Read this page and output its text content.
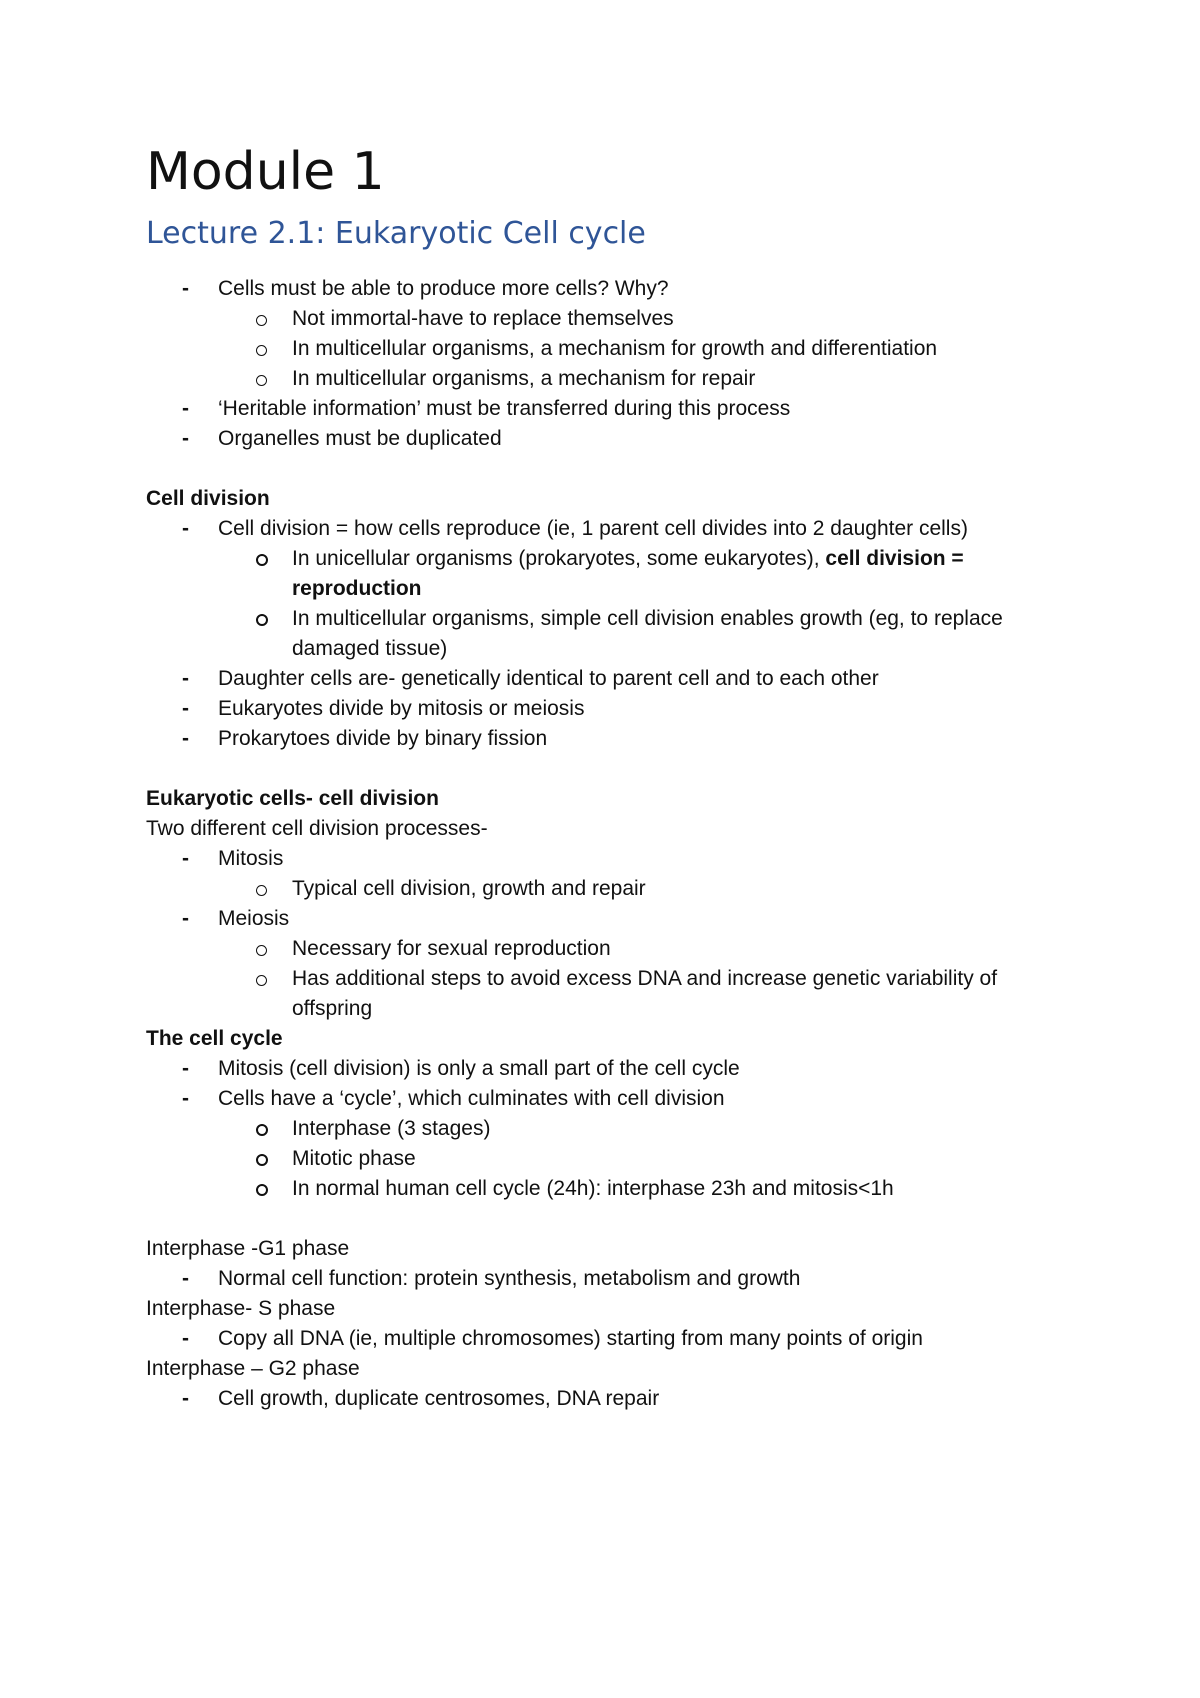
Module 1
Lecture 2.1: Eukaryotic Cell cycle
- Cells must be able to produce more cells? Why?
Not immortal-have to replace themselves
In multicellular organisms, a mechanism for growth and differentiation
In multicellular organisms, a mechanism for repair
- ‘Heritable information’ must be transferred during this process
- Organelles must be duplicated
Cell division
- Cell division = how cells reproduce (ie, 1 parent cell divides into 2 daughter cells)
In unicellular organisms (prokaryotes, some eukaryotes), cell division =
reproduction
In multicellular organisms, simple cell division enables growth (eg, to replace
damaged tissue)
- Daughter cells are- genetically identical to parent cell and to each other
- Eukaryotes divide by mitosis or meiosis
- Prokarytoes divide by binary fission
Eukaryotic cells- cell division
Two different cell division processes-
- Mitosis
Typical cell division, growth and repair
- Meiosis
Necessary for sexual reproduction
Has additional steps to avoid excess DNA and increase genetic variability of
offspring
The cell cycle
- Mitosis (cell division) is only a small part of the cell cycle
- Cells have a ‘cycle’, which culminates with cell division
Interphase (3 stages)
Mitotic phase
In normal human cell cycle (24h): interphase 23h and mitosis<1h
Interphase -G1 phase
- Normal cell function: protein synthesis, metabolism and growth
Interphase- S phase
- Copy all DNA (ie, multiple chromosomes) starting from many points of origin
Interphase – G2 phase
- Cell growth, duplicate centrosomes, DNA repair
